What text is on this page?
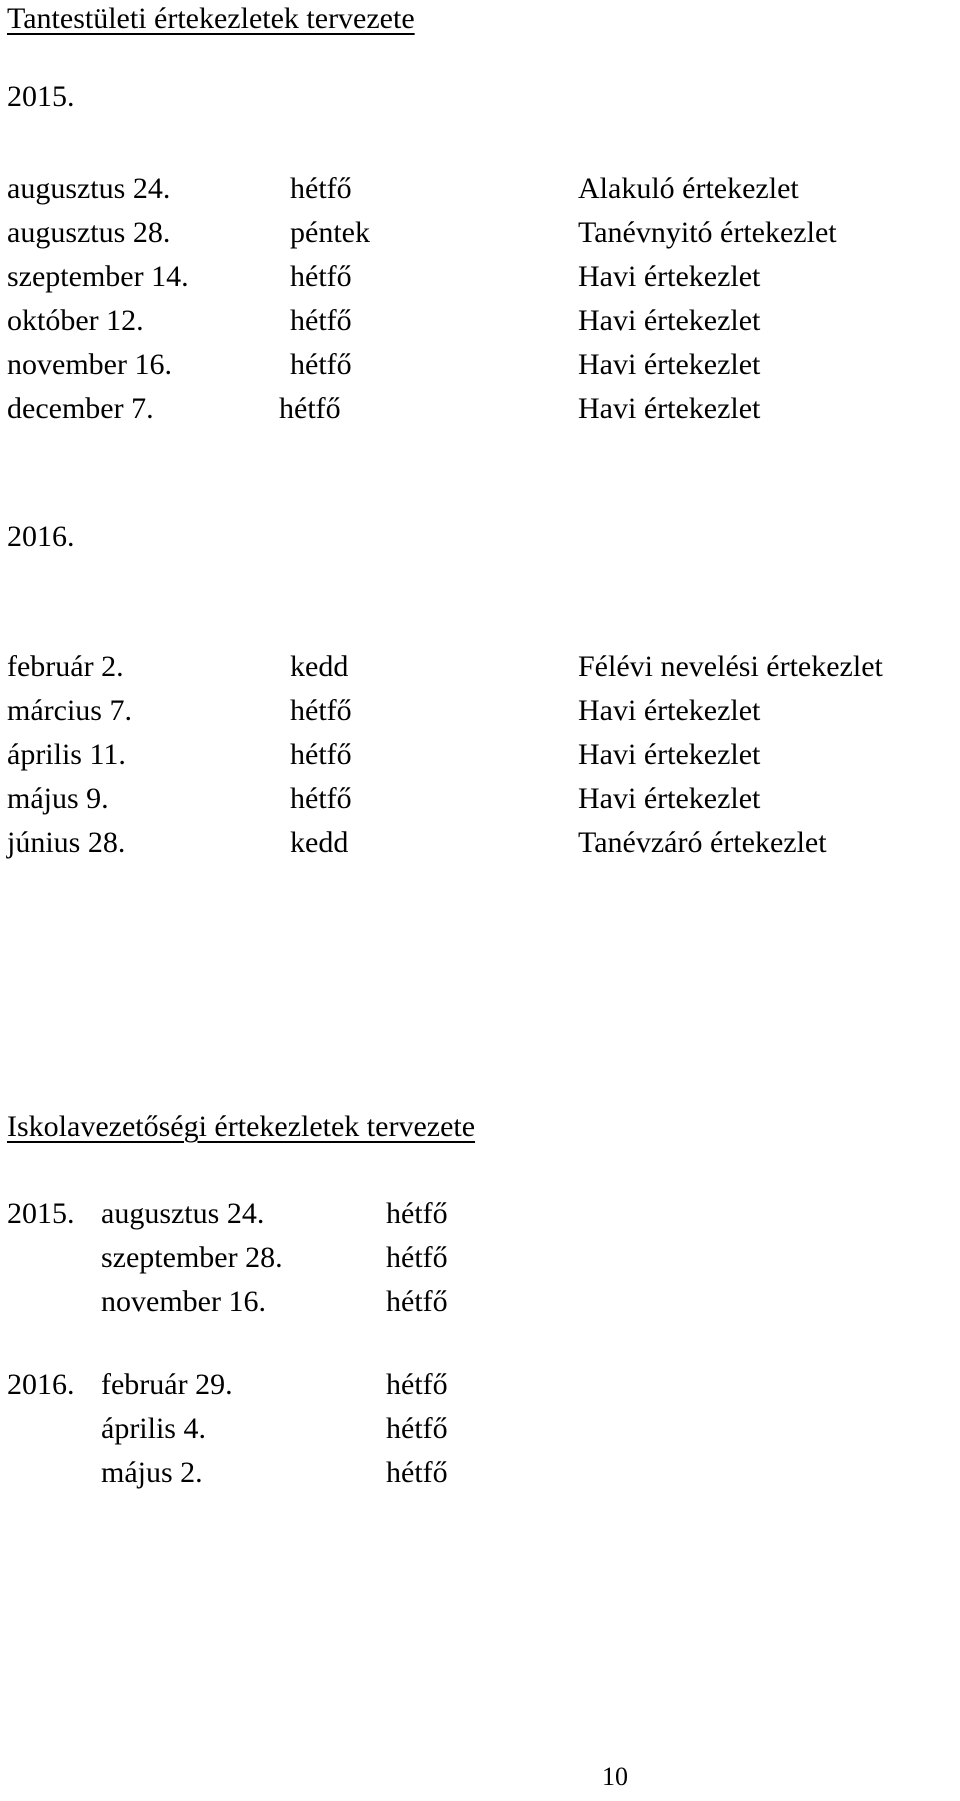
Tantestületi értekezletek tervezete
2015.
augusztus 24.	hétfő	Alakuló értekezlet
augusztus 28.	péntek	Tanévnyitó értekezlet
szeptember 14.	hétfő	Havi értekezlet
október 12.	hétfő	Havi értekezlet
november 16.	hétfő	Havi értekezlet
december 7.	hétfő	Havi értekezlet
2016.
február 2.	kedd	Félévi nevelési értekezlet
március 7.	hétfő	Havi értekezlet
április 11.	hétfő	Havi értekezlet
május 9.	hétfő	Havi értekezlet
június 28.	kedd	Tanévzáró értekezlet
Iskolavezetőségi értekezletek tervezete
2015. augusztus 24.	hétfő
szeptember 28.	hétfő
november 16.	hétfő
2016. február 29.	hétfő
április 4.	hétfő
május 2.	hétfő
10
